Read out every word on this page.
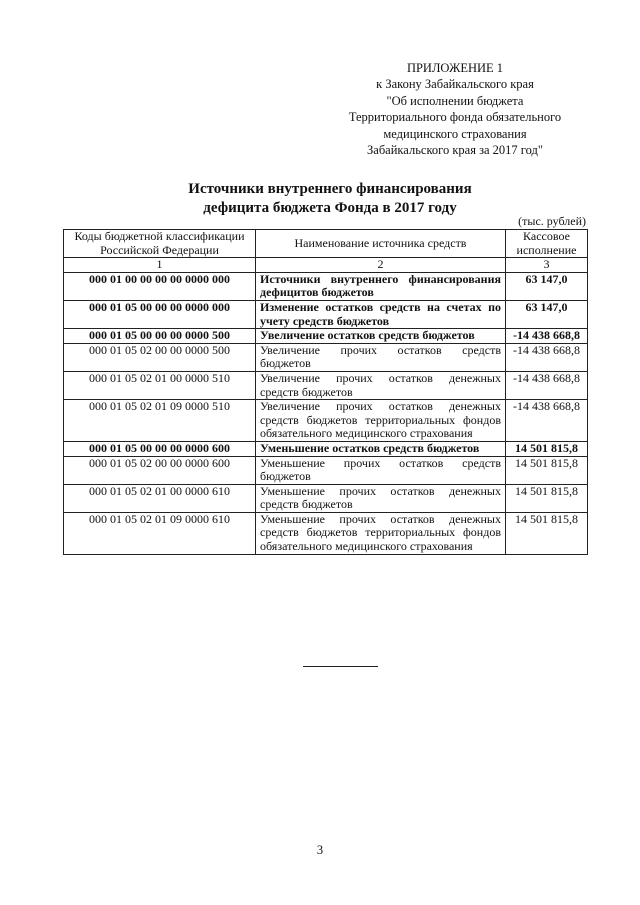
ПРИЛОЖЕНИЕ 1
к Закону Забайкальского края
"Об исполнении бюджета
Территориального фонда обязательного
медицинского страхования
Забайкальского края за 2017 год"
Источники внутреннего финансирования
дефицита бюджета Фонда в 2017 году
(тыс. рублей)
Коды бюджетной классификации Российской Федерации	Наименование источника средств	Кассовое исполнение
1	2	3
000 01 00 00 00 00 0000 000	Источники внутреннего финансирования дефицитов бюджетов	63 147,0
000 01 05 00 00 00 0000 000	Изменение остатков средств на счетах по учету средств бюджетов	63 147,0
000 01 05 00 00 00 0000 500	Увеличение остатков средств бюджетов	-14 438 668,8
000 01 05 02 00 00 0000 500	Увеличение прочих остатков средств бюджетов	-14 438 668,8
000 01 05 02 01 00 0000 510	Увеличение прочих остатков денежных средств бюджетов	-14 438 668,8
000 01 05 02 01 09 0000 510	Увеличение прочих остатков денежных средств бюджетов территориальных фондов обязательного медицинского страхования	-14 438 668,8
000 01 05 00 00 00 0000 600	Уменьшение остатков средств бюджетов	14 501 815,8
000 01 05 02 00 00 0000 600	Уменьшение прочих остатков средств бюджетов	14 501 815,8
000 01 05 02 01 00 0000 610	Уменьшение прочих остатков денежных средств бюджетов	14 501 815,8
000 01 05 02 01 09 0000 610	Уменьшение прочих остатков денежных средств бюджетов территориальных фондов обязательного медицинского страхования	14 501 815,8
3
